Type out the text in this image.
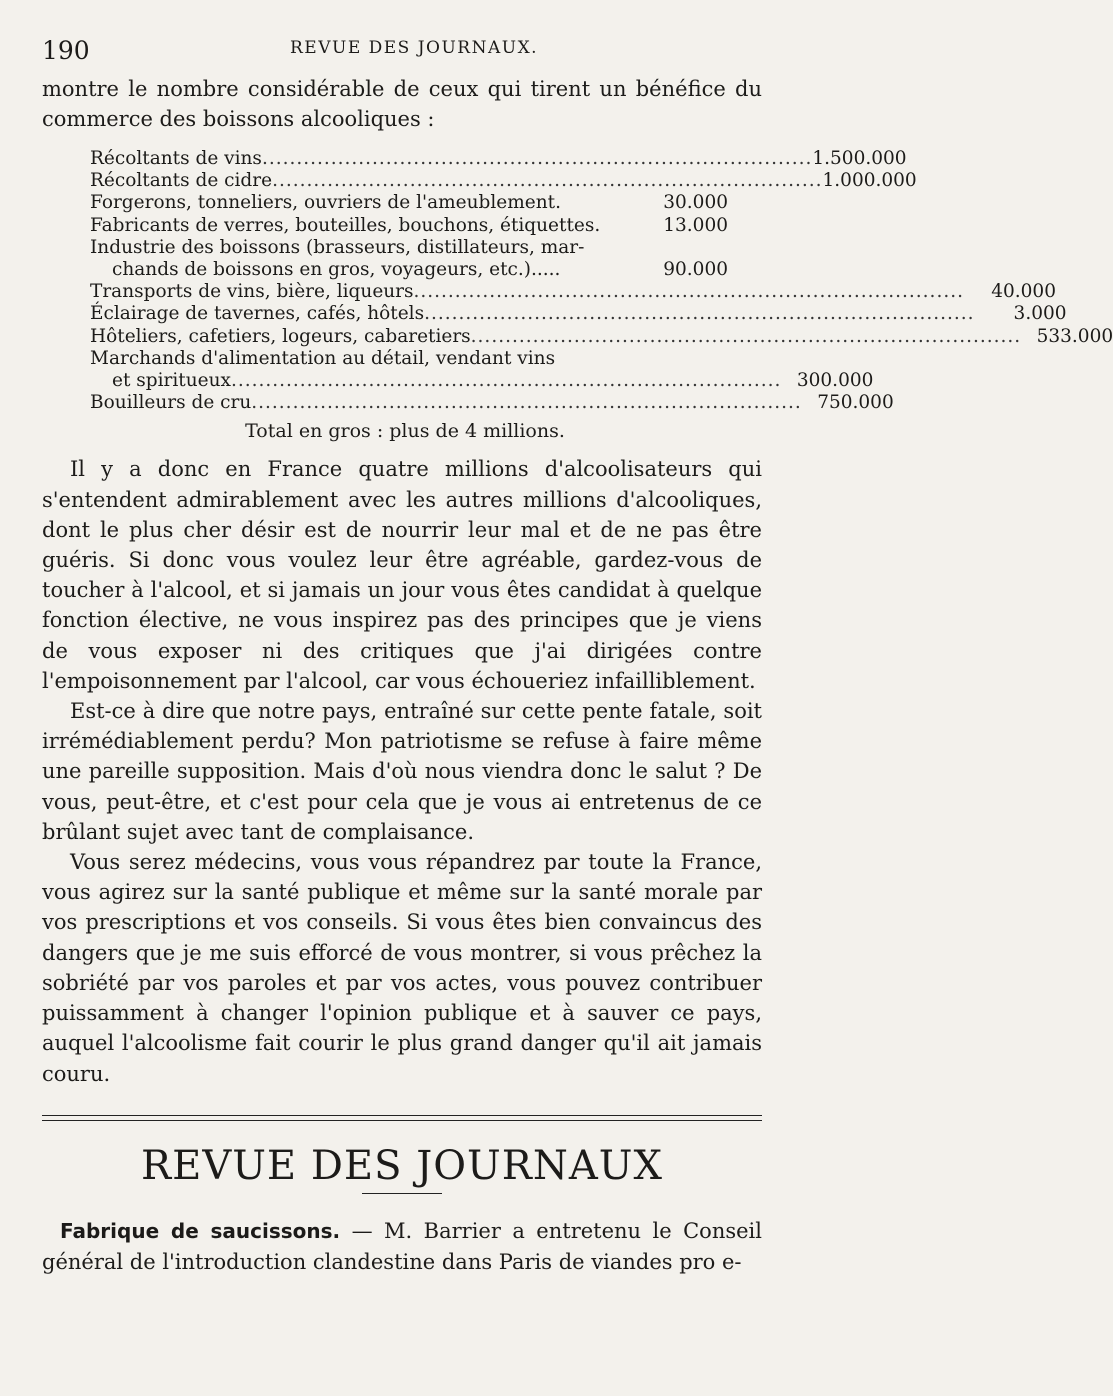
190	REVUE DES JOURNAUX.

montre le nombre considérable de ceux qui tirent un bénéfice du commerce des boissons alcooliques :

Récoltants de vins ................................................................................ 1.500.000
Récoltants de cidre ................................................................................ 1.000.000
Forgerons, tonneliers, ouvriers de l'ameublement.	30.000
Fabricants de verres, bouteilles, bouchons, étiquettes.	13.000
Industrie des boissons (brasseurs, distillateurs, mar-
chands de boissons en gros, voyageurs, etc.).....	90.000
Transports de vins, bière, liqueurs ................................................................................	40.000
Éclairage de tavernes, cafés, hôtels ................................................................................	3.000
Hôteliers, cafetiers, logeurs, cabaretiers ................................................................................ 533.000
Marchands d'alimentation au détail, vendant vins
et spiritueux ................................................................................ 300.000
Bouilleurs de cru ................................................................................ 750.000
Total en gros : plus de 4 millions.

Il y a donc en France quatre millions d'alcoolisateurs qui s'entendent admirablement avec les autres millions d'alcooliques, dont le plus cher désir est de nourrir leur mal et de ne pas être guéris. Si donc vous voulez leur être agréable, gardez-vous de toucher à l'alcool, et si jamais un jour vous êtes candidat à quelque fonction élective, ne vous inspirez pas des principes que je viens de vous exposer ni des critiques que j'ai dirigées contre l'empoisonnement par l'alcool, car vous échoueriez infailliblement.

Est-ce à dire que notre pays, entraîné sur cette pente fatale, soit irrémédiablement perdu? Mon patriotisme se refuse à faire même une pareille supposition. Mais d'où nous viendra donc le salut ? De vous, peut-être, et c'est pour cela que je vous ai entretenus de ce brûlant sujet avec tant de complaisance.

Vous serez médecins, vous vous répandrez par toute la France, vous agirez sur la santé publique et même sur la santé morale par vos prescriptions et vos conseils. Si vous êtes bien convaincus des dangers que je me suis efforcé de vous montrer, si vous prêchez la sobriété par vos paroles et par vos actes, vous pouvez contribuer puissamment à changer l'opinion publique et à sauver ce pays, auquel l'alcoolisme fait courir le plus grand danger qu'il ait jamais couru.

REVUE DES JOURNAUX

Fabrique de saucissons. — M. Barrier a entretenu le Conseil général de l'introduction clandestine dans Paris de viandes pro e-
